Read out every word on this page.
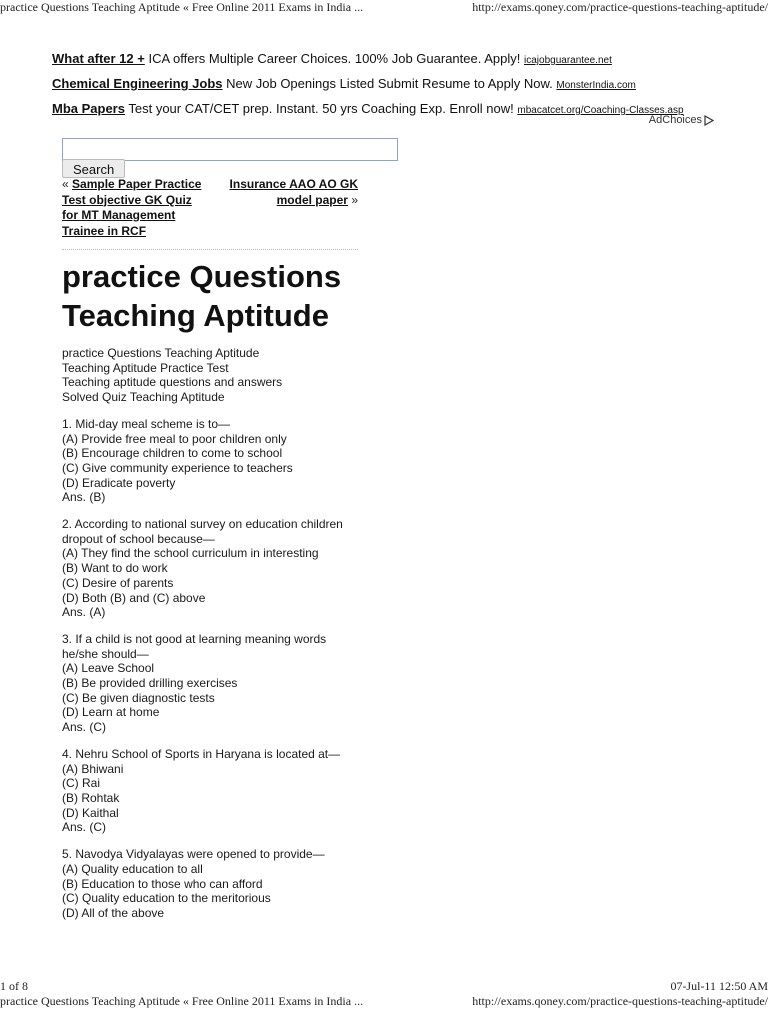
practice Questions Teaching Aptitude « Free Online 2011 Exams in India ...	http://exams.qoney.com/practice-questions-teaching-aptitude/
What after 12 + ICA offers Multiple Career Choices. 100% Job Guarantee. Apply! icajobguarantee.net
Chemical Engineering Jobs New Job Openings Listed Submit Resume to Apply Now. MonsterIndia.com
Mba Papers Test your CAT/CET prep. Instant. 50 yrs Coaching Exp. Enroll now! mbacatcet.org/Coaching-Classes.asp
AdChoices
Search
« Sample Paper Practice
Test objective GK Quiz
for MT Management
Trainee in RCF
Insurance AAO AO GK
model paper »
practice Questions
Teaching Aptitude
practice Questions Teaching Aptitude
Teaching Aptitude Practice Test
Teaching aptitude questions and answers
Solved Quiz Teaching Aptitude
1. Mid-day meal scheme is to—
(A) Provide free meal to poor children only
(B) Encourage children to come to school
(C) Give community experience to teachers
(D) Eradicate poverty
Ans. (B)
2. According to national survey on education children
dropout of school because—
(A) They find the school curriculum in interesting
(B) Want to do work
(C) Desire of parents
(D) Both (B) and (C) above
Ans. (A)
3. If a child is not good at learning meaning words
he/she should—
(A) Leave School
(B) Be provided drilling exercises
(C) Be given diagnostic tests
(D) Learn at home
Ans. (C)
4. Nehru School of Sports in Haryana is located at—
(A) Bhiwani
(C) Rai
(B) Rohtak
(D) Kaithal
Ans. (C)
5. Navodya Vidyalayas were opened to provide—
(A) Quality education to all
(B) Education to those who can afford
(C) Quality education to the meritorious
(D) All of the above
1 of 8	07-Jul-11 12:50 AM
practice Questions Teaching Aptitude « Free Online 2011 Exams in India ...	http://exams.qoney.com/practice-questions-teaching-aptitude/
